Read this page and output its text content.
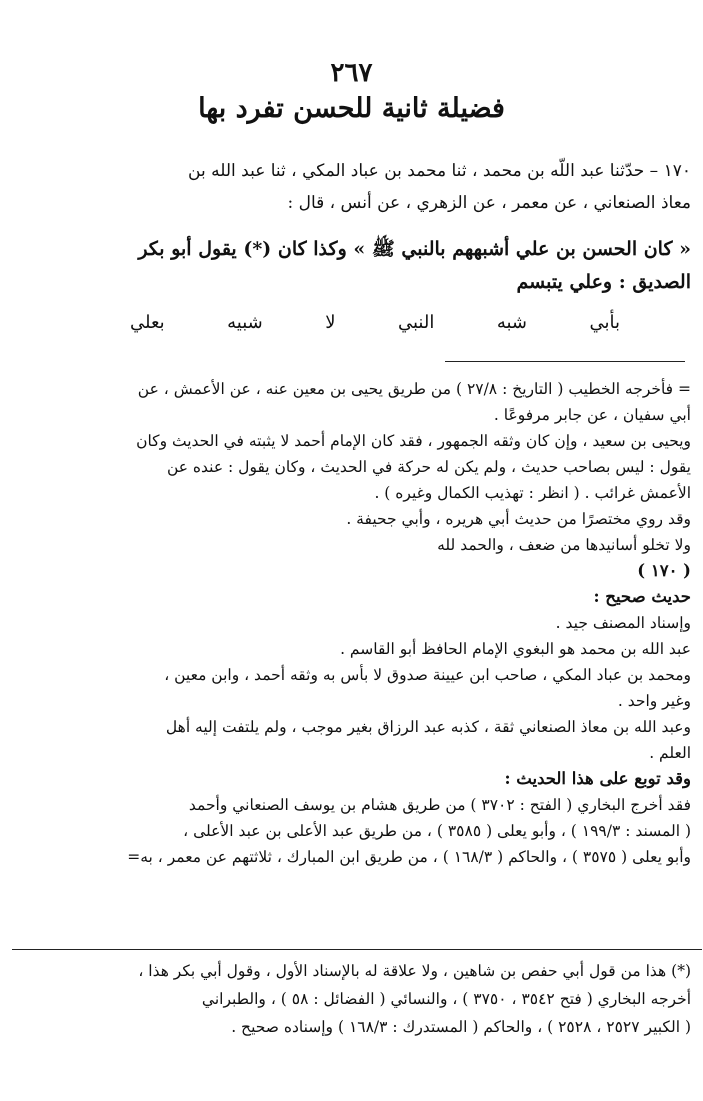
٢٦٧
فضيلة ثانية للحسن تفرد بها

١٧٠ – حدّثنا عبد اللّه بن محمد ، ثنا محمد بن عباد المكي ، ثنا عبد الله بن

معاذ الصنعاني ، عن معمر ، عن الزهري ، عن أنس ، قال :

« كان الحسن بن علي أشبههم بالنبي ﷺ » وكذا كان (*) يقول أبو بكر

الصديق : وعلي يتبسم

بأبي
شبه
النبي
لا
شبيه
بعلي

= فأخرجه الخطيب ( التاريخ : ٢٧/٨ ) من طريق يحيى بن معين عنه ، عن الأعمش ، عن

أبي سفيان ، عن جابر مرفوعًا .

ويحيى بن سعيد ، وإن كان وثقه الجمهور ، فقد كان الإمام أحمد لا يثبته في الحديث وكان

يقول : ليس بصاحب حديث ، ولم يكن له حركة في الحديث ، وكان يقول : عنده عن

الأعمش غرائب . ( انظر : تهذيب الكمال وغيره ) .

وقد روي مختصرًا من حديث أبي هريره ، وأبي جحيفة .

ولا تخلو أسانيدها من ضعف ، والحمد لله

( ١٧٠ )

حديث صحيح :

وإسناد المصنف جيد .

عبد الله بن محمد هو البغوي الإمام الحافظ أبو القاسم .

ومحمد بن عباد المكي ، صاحب ابن عيينة صدوق لا بأس به وثقه أحمد ، وابن معين ،

وغير واحد .

وعبد الله بن معاذ الصنعاني ثقة ، كذبه عبد الرزاق بغير موجب ، ولم يلتفت إليه أهل

العلم .

وقد توبع على هذا الحديث :

فقد أخرج البخاري ( الفتح : ٣٧٠٢ ) من طريق هشام بن يوسف الصنعاني وأحمد

( المسند : ١٩٩/٣ ) ، وأبو يعلى ( ٣٥٨٥ ) ، من طريق عبد الأعلى بن عبد الأعلى ،

وأبو يعلى ( ٣٥٧٥ ) ، والحاكم ( ١٦٨/٣ ) ، من طريق ابن المبارك ، ثلاثتهم عن معمر ، به=

(*) هذا من قول أبي حفص بن شاهين ، ولا علاقة له بالإسناد الأول ، وقول أبي بكر هذا ،

أخرجه البخاري ( فتح ٣٥٤٢ ، ٣٧٥٠ ) ، والنسائي ( الفضائل : ٥٨ ) ، والطبراني

( الكبير ٢٥٢٧ ، ٢٥٢٨ ) ، والحاكم ( المستدرك : ١٦٨/٣ ) وإسناده صحيح .
